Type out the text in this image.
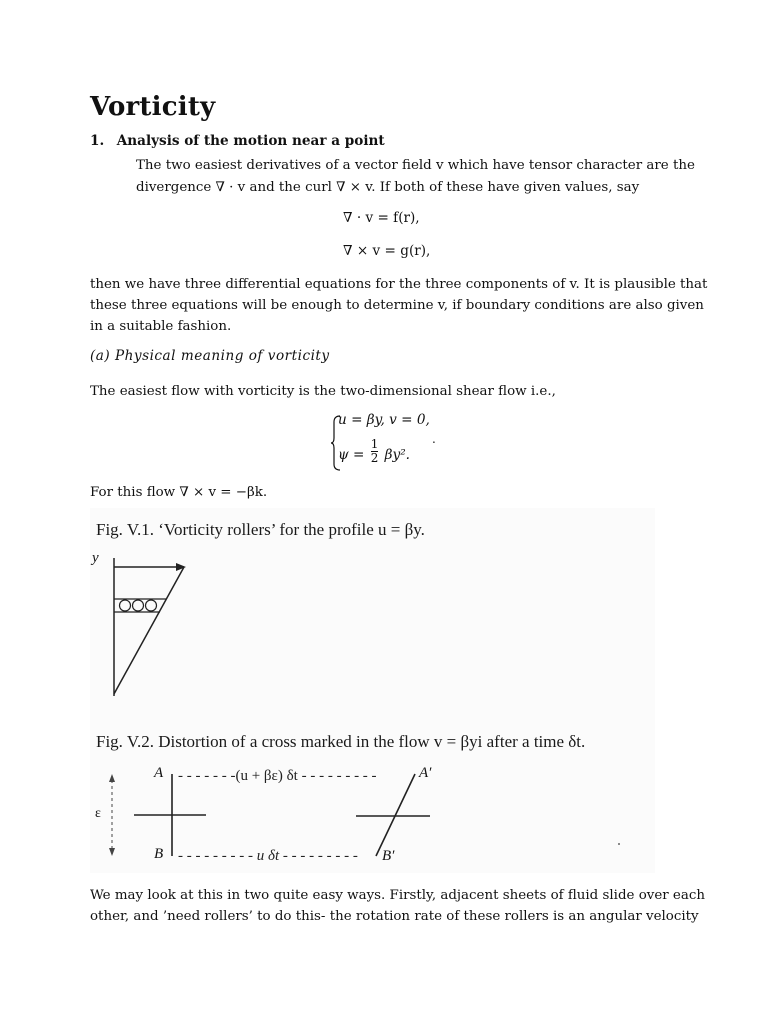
Vorticity
1. Analysis of the motion near a point
The two easiest derivatives of a vector field v which have tensor character are the
divergence ∇ · v and the curl ∇ × v. If both of these have given values, say
∇ · v = f(r),
∇ × v = g(r),
then we have three differential equations for the three components of v. It is plausible that
these three equations will be enough to determine v, if boundary conditions are also given
in a suitable fashion.
(a) Physical meaning of vorticity
The easiest flow with vorticity is the two-dimensional shear flow i.e.,
u = βy, v = 0,
$\psi = \frac{1}{2} \beta y^2$.
.
For this flow ∇ × v = −βk.
Fig. V.1. ‘Vorticity rollers’ for the profile u = βy.
y
Fig. V.2. Distortion of a cross marked in the flow v = βyi after a time δt.
A - - - - - - -(u + βε) δt - - - - - - - - -	A′
ε
B - - - - - - - - - u δt - - - - - - - - - B′
We may look at this in two quite easy ways. Firstly, adjacent sheets of fluid slide over each
other, and ’need rollers’ to do this- the rotation rate of these rollers is an angular velocity
